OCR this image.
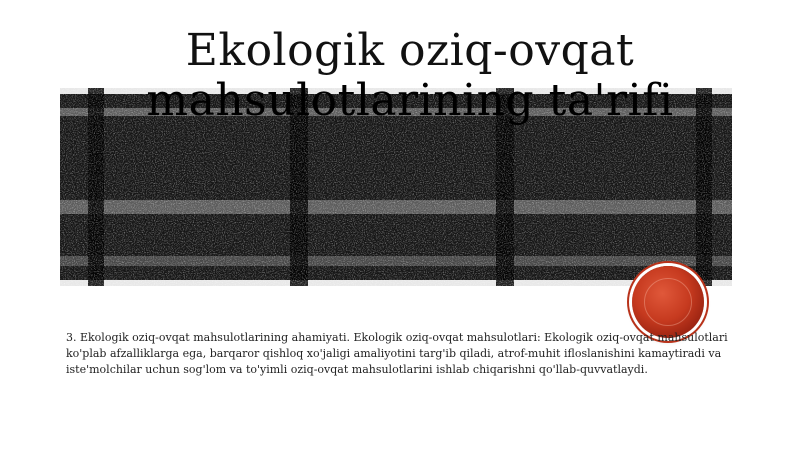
Ekologik oziq-ovqat
mahsulotlarining ta'rifi

3. Ekologik oziq-ovqat mahsulotlarining ahamiyati. Ekologik oziq-ovqat mahsulotlari: Ekologik oziq-ovqat mahsulotlari ko'plab afzalliklarga ega, barqaror qishloq xo'jaligi amaliyotini targ'ib qiladi, atrof-muhit ifloslanishini kamaytiradi va iste'molchilar uchun sog'lom va to'yimli oziq-ovqat mahsulotlarini ishlab chiqarishni qo'llab-quvvatlaydi.
